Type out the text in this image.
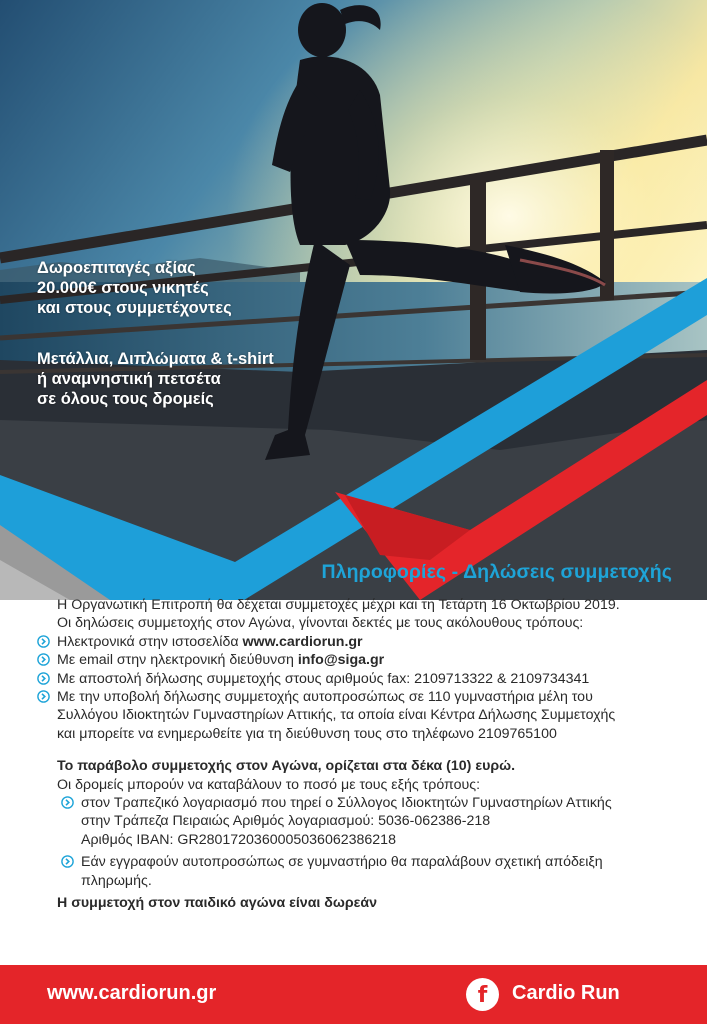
Δωροεπιταγές αξίας
20.000€ στους νικητές
και στους συμμετέχοντες
Μετάλλια, Διπλώματα & t-shirt
ή αναμνηστική πετσέτα
σε όλους τους δρομείς
Πληροφορίες - Δηλώσεις συμμετοχής
Η Οργανωτική Επιτροπή θα δέχεται συμμετοχές μέχρι και τη Τετάρτη 16 Οκτωβρίου 2019.
Οι δηλώσεις συμμετοχής στον Αγώνα, γίνονται δεκτές με τους ακόλουθους τρόπους:
Ηλεκτρονικά στην ιστοσελίδα www.cardiorun.gr
Με email στην ηλεκτρονική διεύθυνση info@siga.gr
Με αποστολή δήλωσης συμμετοχής στους αριθμούς fax: 2109713322 & 2109734341
Με την υποβολή δήλωσης συμμετοχής αυτοπροσώπως σε 110 γυμναστήρια μέλη του
Συλλόγου Ιδιοκτητών Γυμναστηρίων Αττικής, τα οποία είναι Κέντρα Δήλωσης Συμμετοχής
και μπορείτε να ενημερωθείτε για τη διεύθυνση τους στο τηλέφωνο 2109765100
Το παράβολο συμμετοχής στον Αγώνα, ορίζεται στα δέκα (10) ευρώ.
Οι δρομείς μπορούν να καταβάλουν το ποσό με τους εξής τρόπους:
στον Τραπεζικό λογαριασμό που τηρεί ο Σύλλογος Ιδιοκτητών Γυμναστηρίων Αττικής
στην Τράπεζα Πειραιώς Αριθμός λογαριασμού: 5036-062386-218
Αριθμός ΙΒΑΝ: GR2801720360005036062386218
Εάν εγγραφούν αυτοπροσώπως σε γυμναστήριο θα παραλάβουν σχετική απόδειξη
πληρωμής.
Η συμμετοχή στον παιδικό αγώνα είναι δωρεάν
www.cardiorun.gr	f	Cardio Run
